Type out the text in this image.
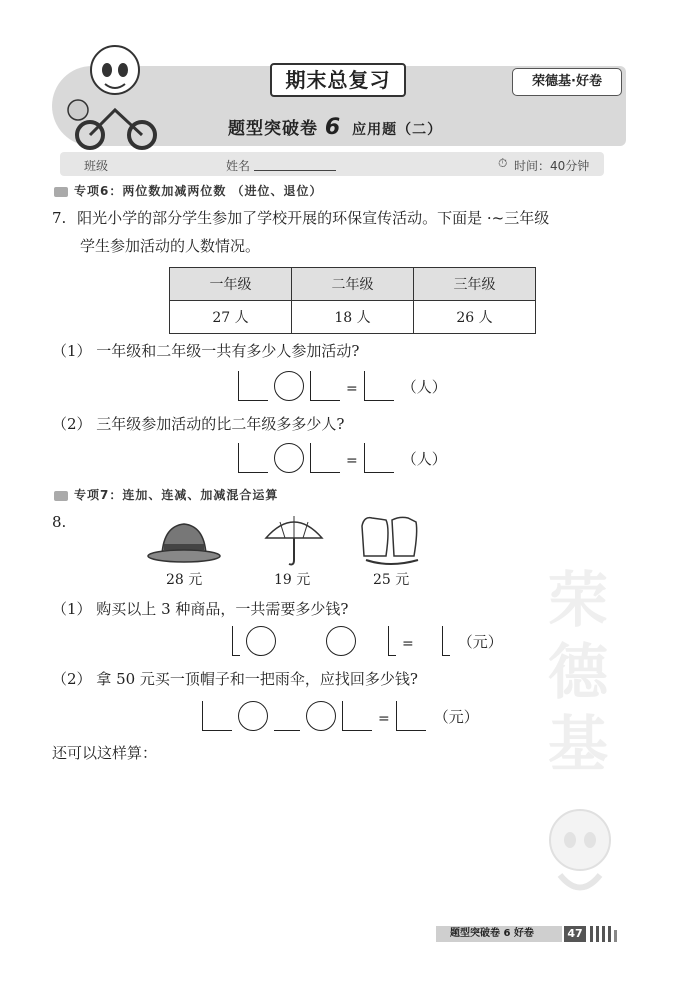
期末总复习
题型突破卷 6 应用题（二）
荣德基·好卷
班级	姓名	⏱ 时间：40分钟
专项6：两位数加减两位数 （进位、退位）
7. 阳光小学的部分学生参加了学校开展的环保宣传活动。下面是 ·~三年级
学生参加活动的人数情况。
一年级	二年级	三年级
27 人	18 人	26 人
（1） 一年级和二年级一共有多少人参加活动?
=	（人）
（2） 三年级参加活动的比二年级多多少人?
=	（人）
专项7：连加、连减、加减混合运算
8.
28 元	19 元	25 元
（1） 购买以上 3 种商品，一共需要多少钱?
=	（元）
（2） 拿 50 元买一顶帽子和一把雨伞，应找回多少钱?
=	（元）
还可以这样算：
荣
德
基
题型突破卷 6 好卷	47
